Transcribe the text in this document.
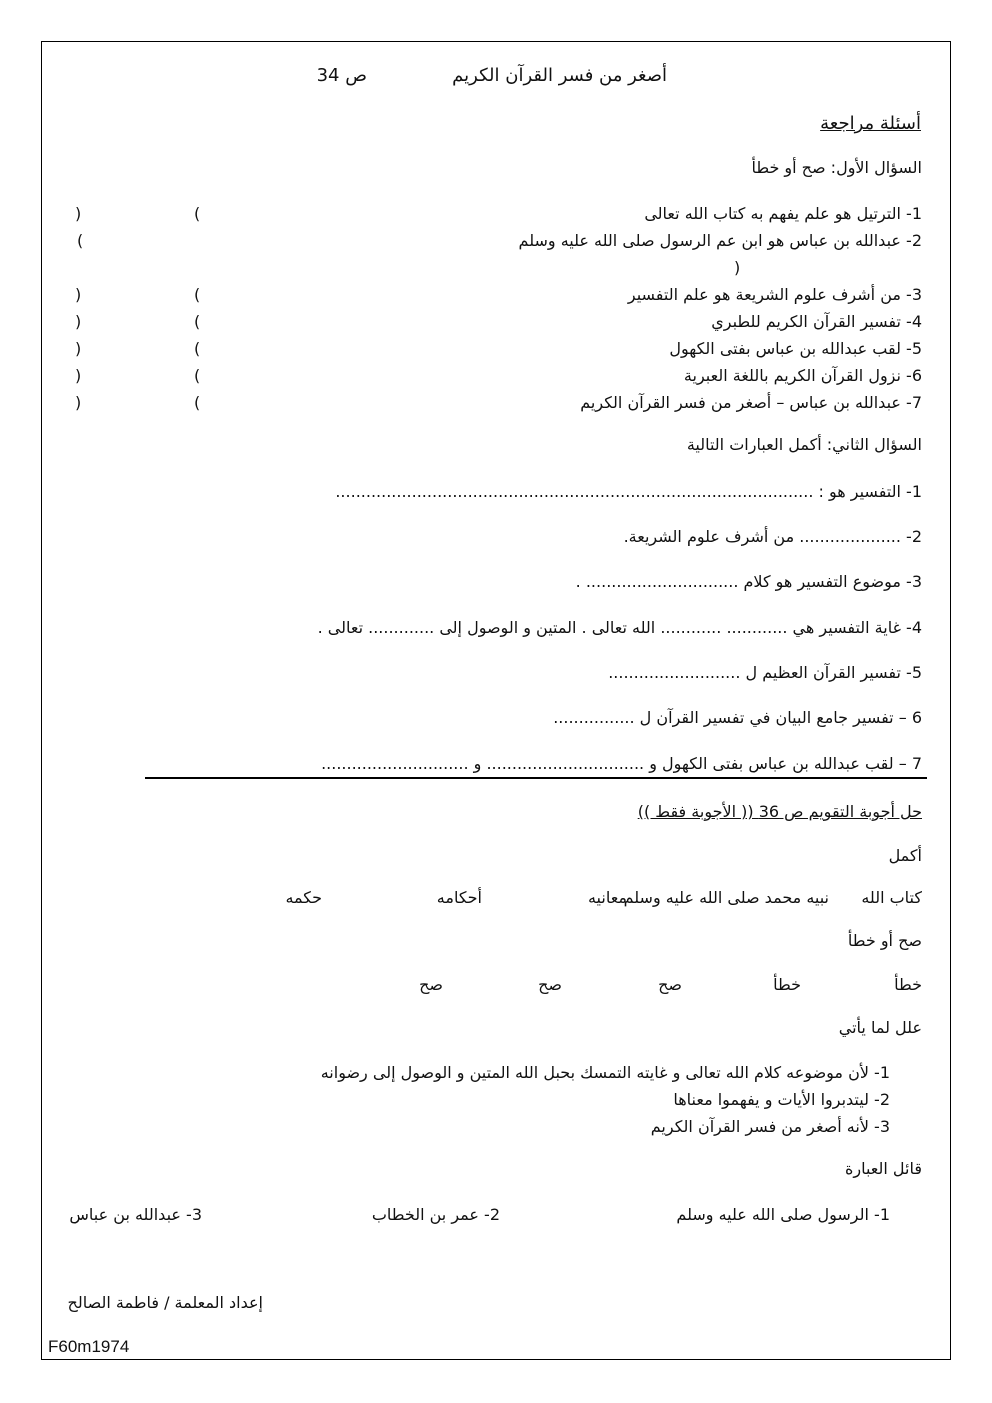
أصغر من فسر القرآن الكريم
ص 34
أسئلة مراجعة
السؤال الأول: صح أو خطأ
1- الترتيل هو علم يفهم به كتاب الله تعالى
(
)
2- عبدالله بن عباس هو ابن عم الرسول صلى الله عليه وسلم
(
)
3- من أشرف علوم الشريعة هو علم التفسير
(
)
4- تفسير القرآن الكريم للطبري
(
)
5- لقب عبدالله بن عباس بفتى الكهول
(
)
6- نزول القرآن الكريم باللغة العبرية
(
)
7- عبدالله بن عباس – أصغر من فسر القرآن الكريم
(
)
السؤال الثاني: أكمل العبارات التالية
1- التفسير هو : ..............................................................................................
2- .................... من أشرف علوم الشريعة.
3- موضوع التفسير هو كلام .............................. .
4- غاية التفسير هي ............ ............ الله تعالى . المتين و الوصول إلى ............. تعالى .
5- تفسير القرآن العظيم ل ..........................
6 – تفسير جامع البيان في تفسير القرآن ل ................
7 – لقب عبدالله بن عباس بفتى الكهول و ............................... و .............................
حل أجوبة التقويم ص 36 (( الأجوبة فقط ))
أكمل
كتاب الله
نبيه محمد صلى الله عليه وسلم
معانيه
أحكامه
حكمه
صح أو خطأ
خطأ
خطأ
صح
صح
صح
علل لما يأتي
1- لأن موضوعه كلام الله تعالى و غايته التمسك بحبل الله المتين و الوصول إلى رضوانه
2- ليتدبروا الأيات و يفهموا معناها
3- لأنه أصغر من فسر القرآن الكريم
قائل العبارة
1- الرسول صلى الله عليه وسلم
2- عمر بن الخطاب
3- عبدالله بن عباس
إعداد المعلمة / فاطمة الصالح
F60m1974
